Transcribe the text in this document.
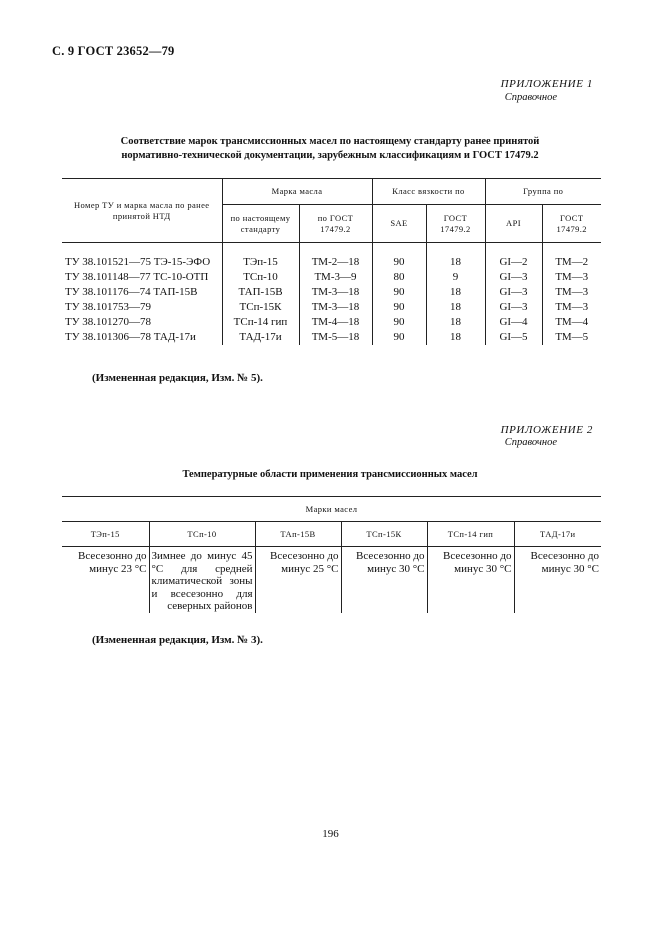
С. 9 ГОСТ 23652—79
ПРИЛОЖЕНИЕ 1
Справочное
Соответствие марок трансмиссионных масел по настоящему стандарту ранее принятой
нормативно-технической документации, зарубежным классификациям и ГОСТ 17479.2
Номер ТУ и марка масла по ранее принятой НТД	Марка масла		Класс вязкости по		Группа по	
	по настоящему стандарту	по ГОСТ 17479.2	SAE	ГОСТ 17479.2	API	ГОСТ 17479.2

ТУ 38.101521—75 ТЭ-15-ЭФО	ТЭп-15	ТМ-2—18	90	18	GI—2	ТМ—2
ТУ 38.101148—77 ТС-10-ОТП	ТСп-10	ТМ-3—9	80	9	GI—3	ТМ—3
ТУ 38.101176—74 ТАП-15В	ТАП-15В	ТМ-3—18	90	18	GI—3	ТМ—3
ТУ 38.101753—79	ТСп-15К	ТМ-3—18	90	18	GI—3	ТМ—3
ТУ 38.101270—78	ТСп-14 гип	ТМ-4—18	90	18	GI—4	ТМ—4
ТУ 38.101306—78 ТАД-17и	ТАД-17и	ТМ-5—18	90	18	GI—5	ТМ—5
(Измененная редакция, Изм. № 5).
ПРИЛОЖЕНИЕ 2
Справочное
Температурные области применения трансмиссионных масел
Марки масел					
ТЭп-15	ТСп-10	ТАп-15В	ТСп-15К	ТСп-14 гип	ТАД-17и
Всесезонно до минус 23 °С	Зимнее до минус 45 °С для средней климатической зоны и всесезонно для северных районов	Всесезонно до минус 25 °С	Всесезонно до минус 30 °С	Всесезонно до минус 30 °С	Всесезонно до минус 30 °С
(Измененная редакция, Изм. № 3).
196
